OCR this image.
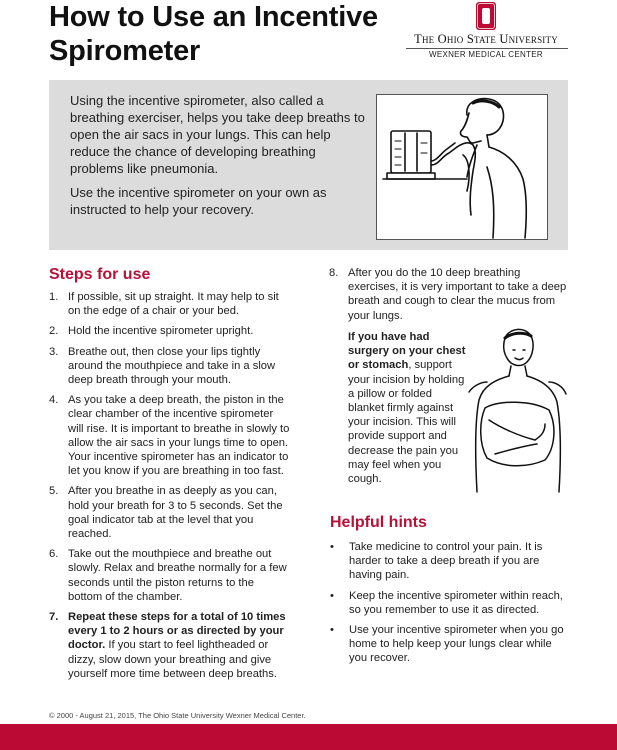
How to Use an Incentive Spirometer	The Ohio State University
WEXNER MEDICAL CENTER

Using the incentive spirometer, also called a breathing exerciser, helps you take deep breaths to open the air sacs in your lungs. This can help reduce the chance of developing breathing problems like pneumonia.

Use the incentive spirometer on your own as instructed to help your recovery.

Steps for use
1. If possible, sit up straight. It may help to sit on the edge of a chair or your bed.
2. Hold the incentive spirometer upright.
3. Breathe out, then close your lips tightly around the mouthpiece and take in a slow deep breath through your mouth.
4. As you take a deep breath, the piston in the clear chamber of the incentive spirometer will rise. It is important to breathe in slowly to allow the air sacs in your lungs time to open. Your incentive spirometer has an indicator to let you know if you are breathing in too fast.
5. After you breathe in as deeply as you can, hold your breath for 3 to 5 seconds. Set the goal indicator tab at the level that you reached.
6. Take out the mouthpiece and breathe out slowly. Relax and breathe normally for a few seconds until the piston returns to the bottom of the chamber.
7. Repeat these steps for a total of 10 times every 1 to 2 hours or as directed by your doctor. If you start to feel lightheaded or dizzy, slow down your breathing and give yourself more time between deep breaths.
8. After you do the 10 deep breathing exercises, it is very important to take a deep breath and cough to clear the mucus from your lungs.
If you have had surgery on your chest or stomach, support your incision by holding a pillow or folded blanket firmly against your incision. This will provide support and decrease the pain you may feel when you cough.
Helpful hints
• Take medicine to control your pain. It is harder to take a deep breath if you are having pain.
• Keep the incentive spirometer within reach, so you remember to use it as directed.
• Use your incentive spirometer when you go home to help keep your lungs clear while you recover.
© 2000 - August 21, 2015, The Ohio State University Wexner Medical Center.
